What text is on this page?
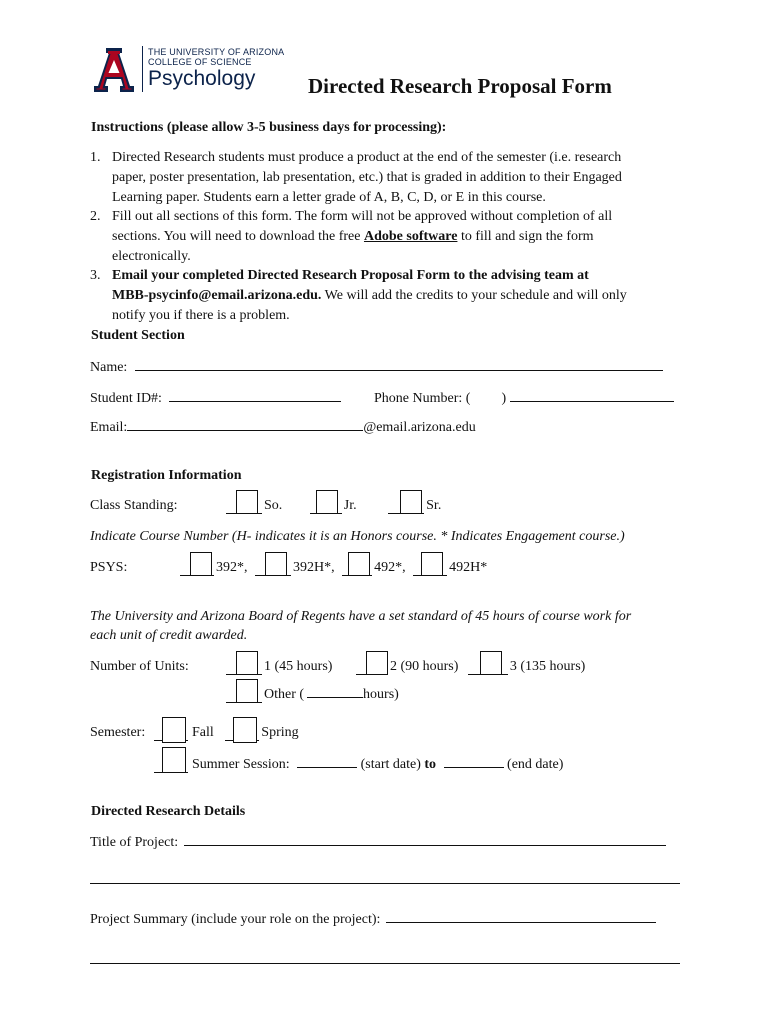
THE UNIVERSITY OF ARIZONA
COLLEGE OF SCIENCE
Psychology	Directed Research Proposal Form
Instructions (please allow 3-5 business days for processing):
1. Directed Research students must produce a product at the end of the semester (i.e. research
paper, poster presentation, lab presentation, etc.) that is graded in addition to their Engaged
Learning paper. Students earn a letter grade of A, B, C, D, or E in this course.
2. Fill out all sections of this form. The form will not be approved without completion of all
sections. You will need to download the free Adobe software to fill and sign the form
electronically.
3. Email your completed Directed Research Proposal Form to the advising team at
MBB-psycinfo@email.arizona.edu. We will add the credits to your schedule and will only
notify you if there is a problem.
Student Section
Name:
Student ID#:	Phone Number: ( )
Email:	@email.arizona.edu
Registration Information
Class Standing:	So.	Jr.	Sr.
Indicate Course Number (H- indicates it is an Honors course. * Indicates Engagement course.)
PSYS:	392*,	392H*,	492*,	492H*
The University and Arizona Board of Regents have a set standard of 45 hours of course work for
each unit of credit awarded.
Number of Units:	1 (45 hours)	2 (90 hours)	3 (135 hours)
Other (	hours)
Semester:	Fall	Spring
Summer Session:	(start date) to	(end date)
Directed Research Details
Title of Project:
Project Summary (include your role on the project):
